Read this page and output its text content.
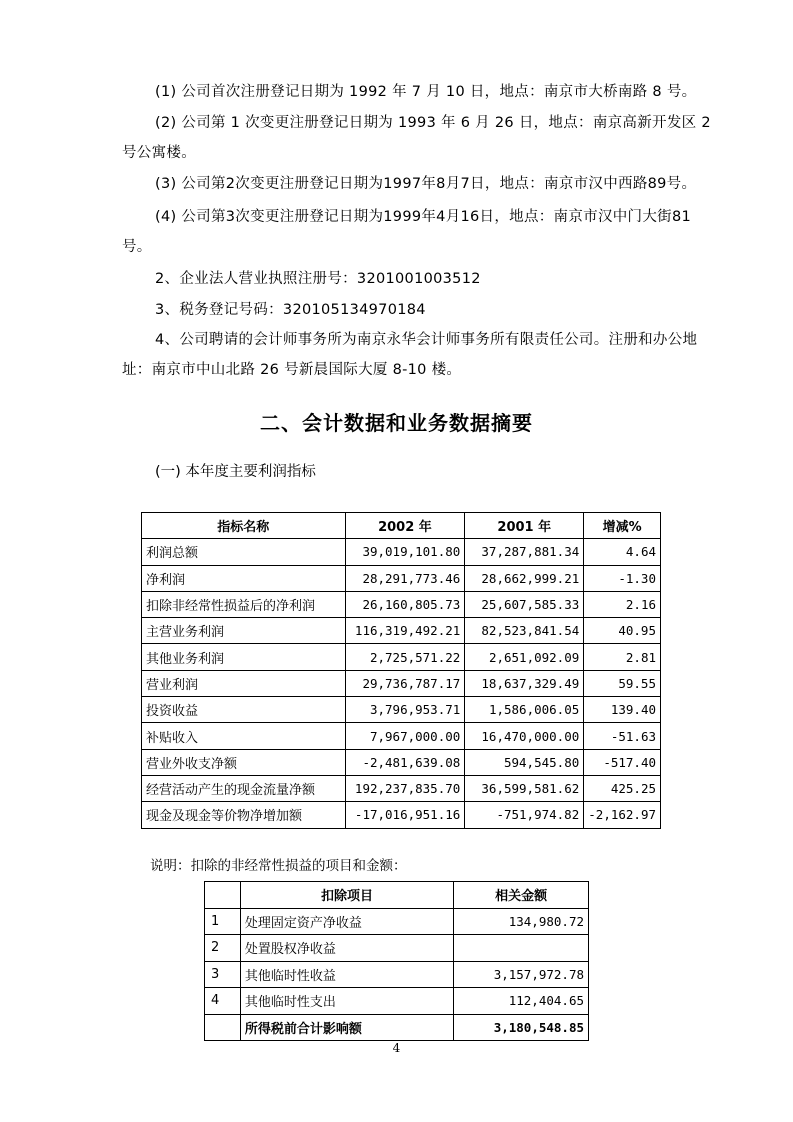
(1) 公司首次注册登记日期为 1992 年 7 月 10 日，地点：南京市大桥南路 8 号。

(2) 公司第 1 次变更注册登记日期为 1993 年 6 月 26 日，地点：南京高新开发区 2 号公寓楼。

(3) 公司第2次变更注册登记日期为1997年8月7日，地点：南京市汉中西路89号。

(4) 公司第3次变更注册登记日期为1999年4月16日，地点：南京市汉中门大街81号。

2、企业法人营业执照注册号：3201001003512

3、税务登记号码：320105134970184

4、公司聘请的会计师事务所为南京永华会计师事务所有限责任公司。注册和办公地址：南京市中山北路 26 号新晨国际大厦 8-10 楼。

二、会计数据和业务数据摘要

(一) 本年度主要利润指标

指标名称	2002 年	2001 年	增减%
利润总额	39,019,101.80	37,287,881.34	4.64
净利润	28,291,773.46	28,662,999.21	-1.30
扣除非经常性损益后的净利润	26,160,805.73	25,607,585.33	2.16
主营业务利润	116,319,492.21	82,523,841.54	40.95
其他业务利润	2,725,571.22	2,651,092.09	2.81
营业利润	29,736,787.17	18,637,329.49	59.55
投资收益	3,796,953.71	1,586,006.05	139.40
补贴收入	7,967,000.00	16,470,000.00	-51.63
营业外收支净额	-2,481,639.08	594,545.80	-517.40
经营活动产生的现金流量净额	192,237,835.70	36,599,581.62	425.25
现金及现金等价物净增加额	-17,016,951.16	-751,974.82	-2,162.97

说明：扣除的非经常性损益的项目和金额：

	扣除项目	相关金额
1	处理固定资产净收益	134,980.72
2	处置股权净收益	
3	其他临时性收益	3,157,972.78
4	其他临时性支出	112,404.65
	所得税前合计影响额	3,180,548.85
4
